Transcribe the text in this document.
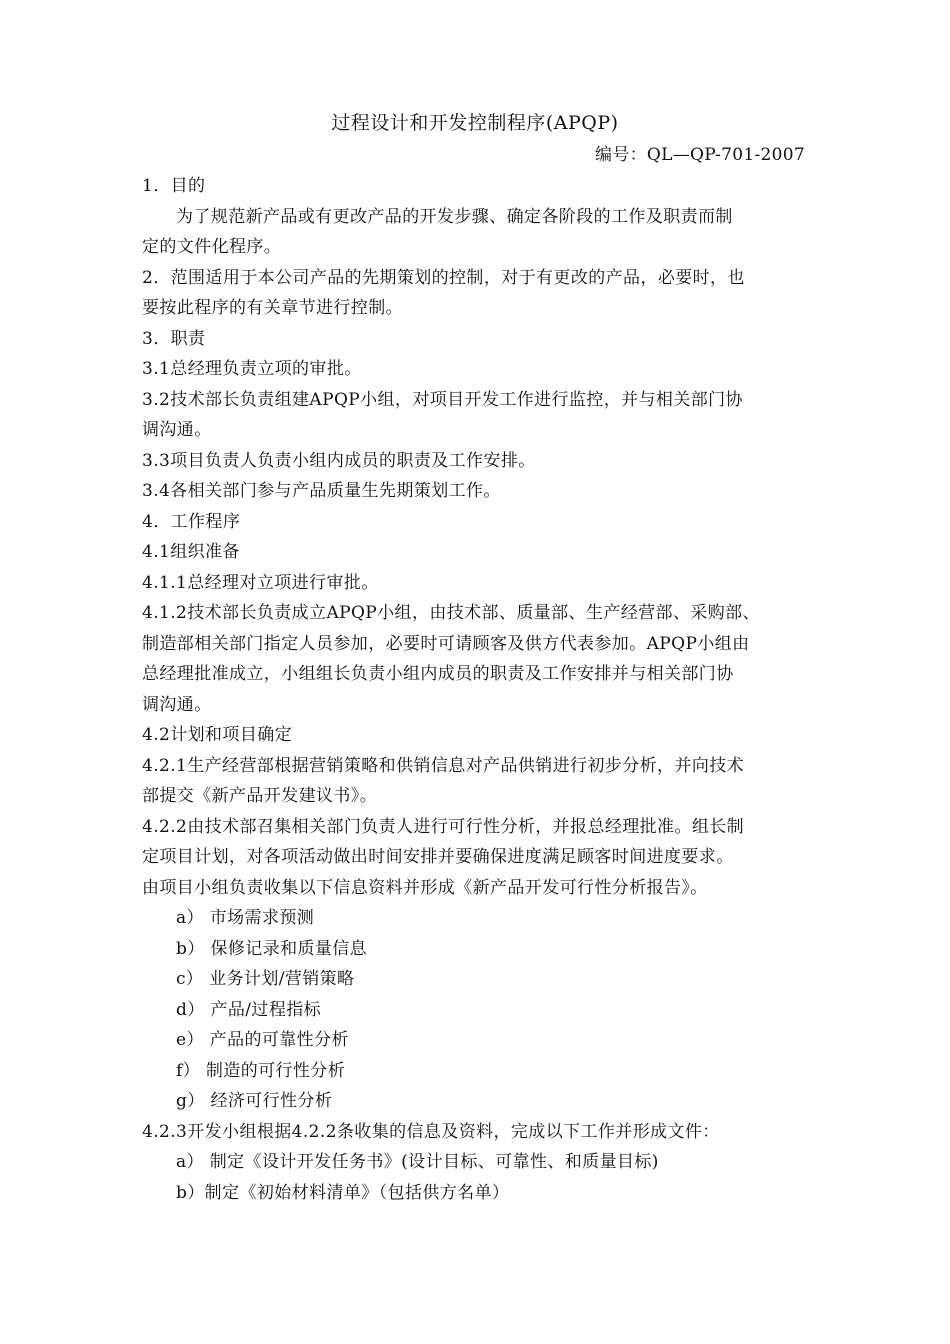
过程设计和开发控制程序(APQP)
编号：QL—QP-701-2007
1．目的
为了规范新产品或有更改产品的开发步骤、确定各阶段的工作及职责而制
定的文件化程序。
2．范围适用于本公司产品的先期策划的控制，对于有更改的产品，必要时，也
要按此程序的有关章节进行控制。
3．职责
3.1总经理负责立项的审批。
3.2技术部长负责组建APQP小组，对项目开发工作进行监控，并与相关部门协
调沟通。
3.3项目负责人负责小组内成员的职责及工作安排。
3.4各相关部门参与产品质量生先期策划工作。
4．工作程序
4.1组织准备
4.1.1总经理对立项进行审批。
4.1.2技术部长负责成立APQP小组，由技术部、质量部、生产经营部、采购部、
制造部相关部门指定人员参加，必要时可请顾客及供方代表参加。APQP小组由
总经理批准成立，小组组长负责小组内成员的职责及工作安排并与相关部门协
调沟通。
4.2计划和项目确定
4.2.1生产经营部根据营销策略和供销信息对产品供销进行初步分析，并向技术
部提交《新产品开发建议书》。
4.2.2由技术部召集相关部门负责人进行可行性分析，并报总经理批准。组长制
定项目计划，对各项活动做出时间安排并要确保进度满足顾客时间进度要求。
由项目小组负责收集以下信息资料并形成《新产品开发可行性分析报告》。
a） 市场需求预测
b） 保修记录和质量信息
c） 业务计划/营销策略
d） 产品/过程指标
e） 产品的可靠性分析
f） 制造的可行性分析
g） 经济可行性分析
4.2.3开发小组根据4.2.2条收集的信息及资料，完成以下工作并形成文件：
a） 制定《设计开发任务书》(设计目标、可靠性、和质量目标)
b）制定《初始材料清单》（包括供方名单）
